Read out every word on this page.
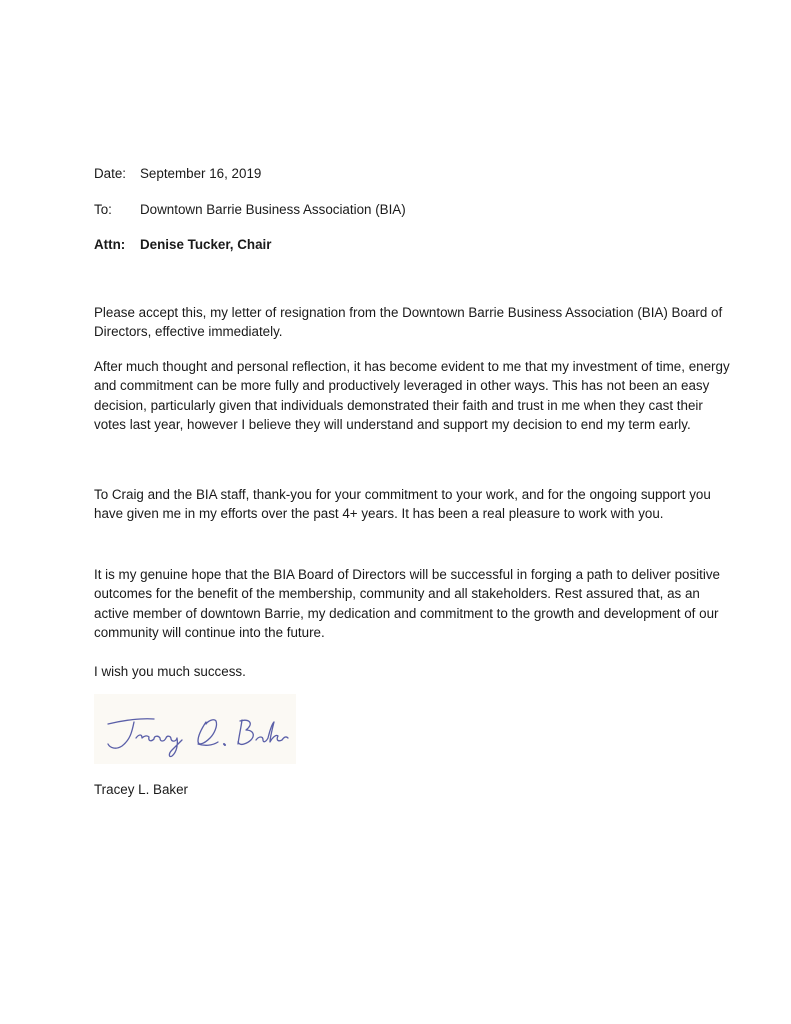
Date: September 16, 2019
To: Downtown Barrie Business Association (BIA)
Attn: Denise Tucker, Chair

Please accept this, my letter of resignation from the Downtown Barrie Business Association (BIA) Board of Directors, effective immediately.

After much thought and personal reflection, it has become evident to me that my investment of time, energy and commitment can be more fully and productively leveraged in other ways. This has not been an easy decision, particularly given that individuals demonstrated their faith and trust in me when they cast their votes last year, however I believe they will understand and support my decision to end my term early.

To Craig and the BIA staff, thank-you for your commitment to your work, and for the ongoing support you have given me in my efforts over the past 4+ years. It has been a real pleasure to work with you.

It is my genuine hope that the BIA Board of Directors will be successful in forging a path to deliver positive outcomes for the benefit of the membership, community and all stakeholders. Rest assured that, as an active member of downtown Barrie, my dedication and commitment to the growth and development of our community will continue into the future.

I wish you much success.

Tracey L. Baker
